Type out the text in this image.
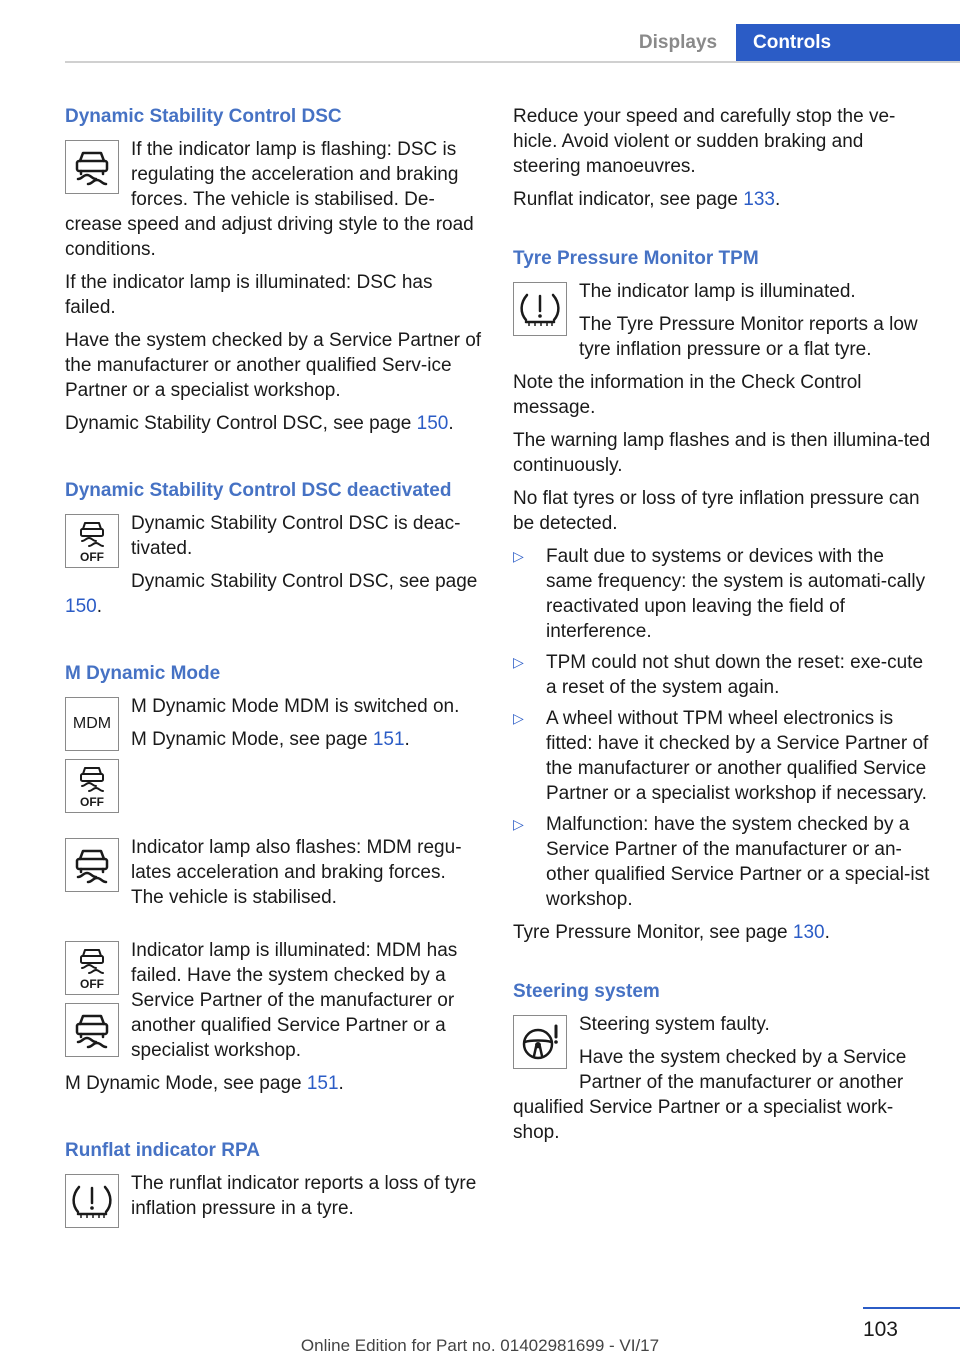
Displays	Controls
Dynamic Stability Control DSC

If the indicator lamp is flashing: DSC is regulating the acceleration and braking forces. The vehicle is stabilised. De‐crease speed and adjust driving style to the road conditions.

If the indicator lamp is illuminated: DSC has failed.

Have the system checked by a Service Partner of the manufacturer or another qualified Serv‐ice Partner or a specialist workshop.

Dynamic Stability Control DSC, see page 150.

Dynamic Stability Control DSC deactivated
OFF

Dynamic Stability Control DSC is deac‐tivated.

Dynamic Stability Control DSC, see page 150.

M Dynamic Mode
MDM
OFF

M Dynamic Mode MDM is switched on.

M Dynamic Mode, see page 151.

Indicator lamp also flashes: MDM regu‐lates acceleration and braking forces. The vehicle is stabilised.

OFF

Indicator lamp is illuminated: MDM has failed. Have the system checked by a Service Partner of the manufacturer or another qualified Service Partner or a specialist workshop.

M Dynamic Mode, see page 151.

Runflat indicator RPA

The runflat indicator reports a loss of tyre inflation pressure in a tyre.

Reduce your speed and carefully stop the ve‐hicle. Avoid violent or sudden braking and steering manoeuvres.

Runflat indicator, see page 133.

Tyre Pressure Monitor TPM

The indicator lamp is illuminated.

The Tyre Pressure Monitor reports a low tyre inflation pressure or a flat tyre.

Note the information in the Check Control message.

The warning lamp flashes and is then illumina‐ted continuously.

No flat tyres or loss of tyre inflation pressure can be detected.

▷ Fault due to systems or devices with the same frequency: the system is automati‐cally reactivated upon leaving the field of interference.
▷ TPM could not shut down the reset: exe‐cute a reset of the system again.
▷ A wheel without TPM wheel electronics is fitted: have it checked by a Service Partner of the manufacturer or another qualified Service Partner or a specialist workshop if necessary.
▷ Malfunction: have the system checked by a Service Partner of the manufacturer or an‐other qualified Service Partner or a special‐ist workshop.

Tyre Pressure Monitor, see page 130.

Steering system

Steering system faulty.

Have the system checked by a Service Partner of the manufacturer or another qualified Service Partner or a specialist work‐shop.

103
Online Edition for Part no. 01402981699 - VI/17
